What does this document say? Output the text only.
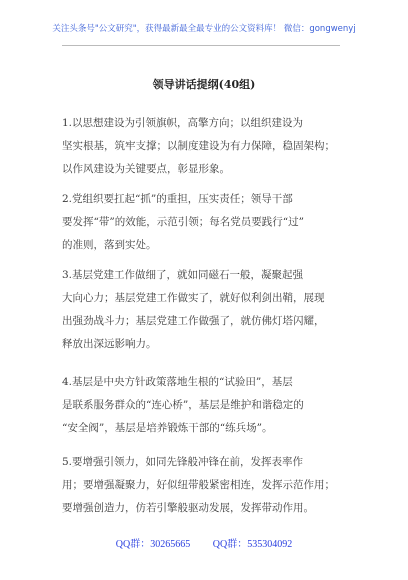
关注头条号"公文研究"，获得最新最全最专业的公文资料库！ 微信：gongwenyj
领导讲话提纲(40组)
1.以思想建设为引领旗帜，高擎方向；以组织建设为
坚实根基，筑牢支撑；以制度建设为有力保障，稳固架构；
以作风建设为关键要点，彰显形象。
2.党组织要扛起“抓”的重担，压实责任；领导干部
要发挥“带”的效能，示范引领；每名党员要践行“过”
的准则，落到实处。
3.基层党建工作做细了，就如同磁石一般，凝聚起强
大向心力；基层党建工作做实了，就好似利剑出鞘，展现
出强劲战斗力；基层党建工作做强了，就仿佛灯塔闪耀，
释放出深远影响力。
4.基层是中央方针政策落地生根的“试验田”，基层
是联系服务群众的“连心桥”，基层是维护和谐稳定的
“安全阀”，基层是培养锻炼干部的“练兵场”。
5.要增强引领力，如同先锋般冲锋在前，发挥表率作
用；要增强凝聚力，好似纽带般紧密相连，发挥示范作用；
要增强创造力，仿若引擎般驱动发展，发挥带动作用。
QQ群：30265665 QQ群：535304092
